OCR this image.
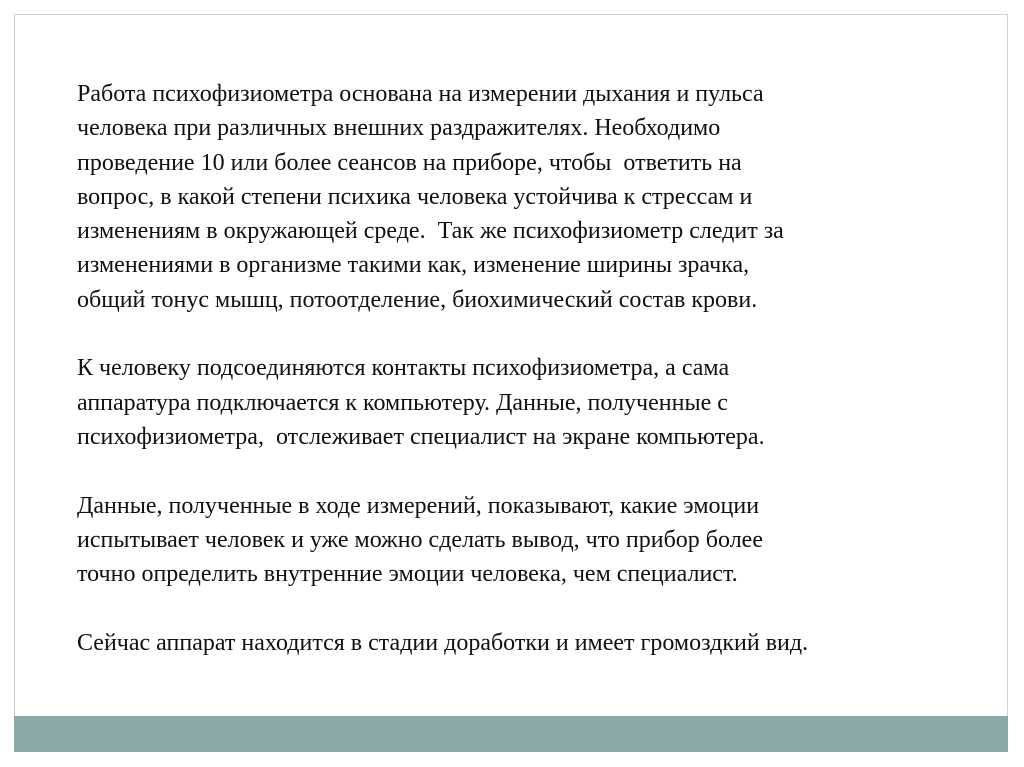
Работа психофизиометра основана на измерении дыхания и пульса
человека при различных внешних раздражителях. Необходимо
проведение 10 или более сеансов на приборе, чтобы  ответить на
вопрос, в какой степени психика человека устойчива к стрессам и
изменениям в окружающей среде.  Так же психофизиометр следит за
изменениями в организме такими как, изменение ширины зрачка,
общий тонус мышц, потоотделение, биохимический состав крови.

К человеку подсоединяются контакты психофизиометра, а сама
аппаратура подключается к компьютеру. Данные, полученные с
психофизиометра,  отслеживает специалист на экране компьютера.

Данные, полученные в ходе измерений, показывают, какие эмоции
испытывает человек и уже можно сделать вывод, что прибор более
точно определить внутренние эмоции человека, чем специалист.

Сейчас аппарат находится в стадии доработки и имеет громоздкий вид.
